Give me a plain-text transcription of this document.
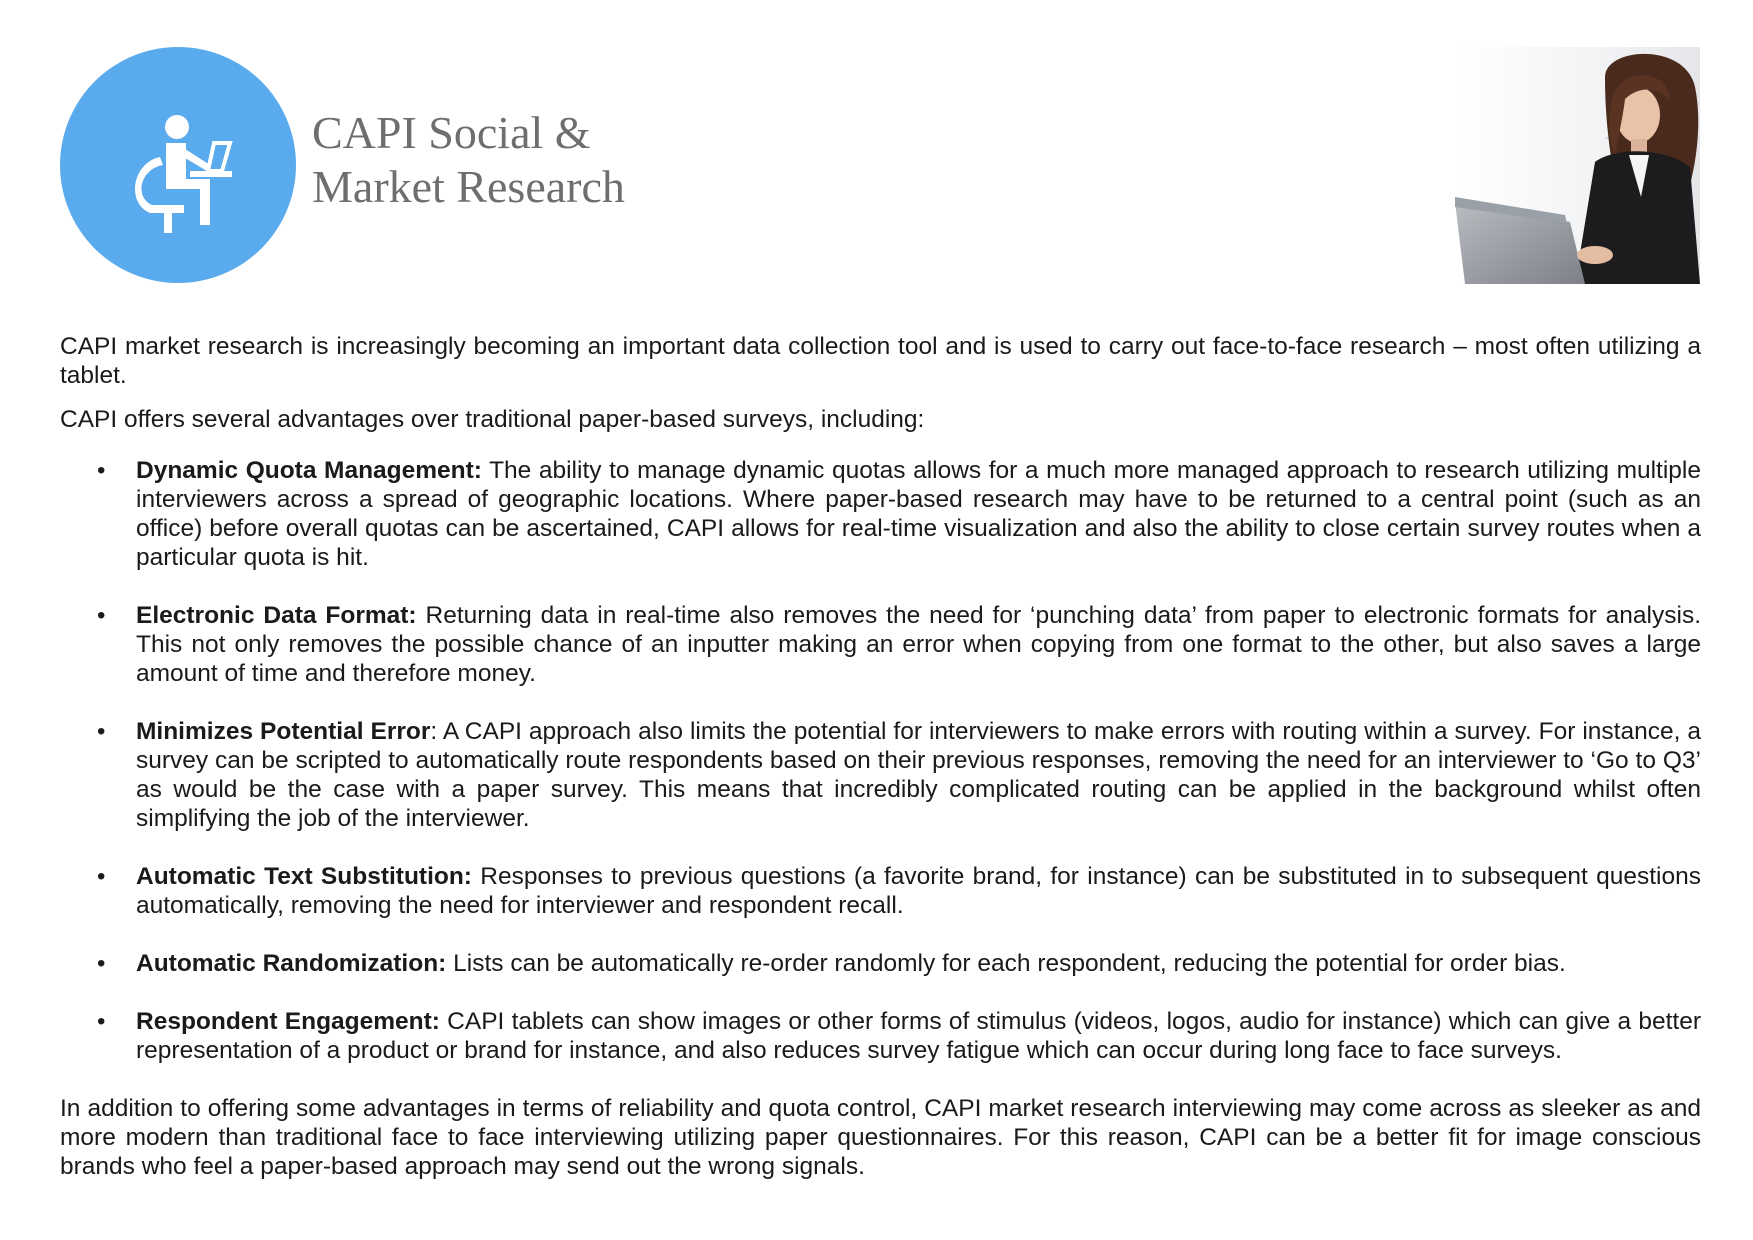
CAPI Social &
Market Research

CAPI market research is increasingly becoming an important data collection tool and is used to carry out face-to-face research – most often utilizing a tablet.

CAPI offers several advantages over traditional paper-based surveys, including:

• Dynamic Quota Management: The ability to manage dynamic quotas allows for a much more managed approach to research utilizing multiple interviewers across a spread of geographic locations. Where paper-based research may have to be returned to a central point (such as an office) before overall quotas can be ascertained, CAPI allows for real-time visualization and also the ability to close certain survey routes when a particular quota is hit.
• Electronic Data Format: Returning data in real-time also removes the need for ‘punching data’ from paper to electronic formats for analysis. This not only removes the possible chance of an inputter making an error when copying from one format to the other, but also saves a large amount of time and therefore money.
• Minimizes Potential Error: A CAPI approach also limits the potential for interviewers to make errors with routing within a survey. For instance, a survey can be scripted to automatically route respondents based on their previous responses, removing the need for an interviewer to ‘Go to Q3’ as would be the case with a paper survey. This means that incredibly complicated routing can be applied in the background whilst often simplifying the job of the interviewer.
• Automatic Text Substitution: Responses to previous questions (a favorite brand, for instance) can be substituted in to subsequent questions automatically, removing the need for interviewer and respondent recall.
• Automatic Randomization: Lists can be automatically re-order randomly for each respondent, reducing the potential for order bias.
• Respondent Engagement: CAPI tablets can show images or other forms of stimulus (videos, logos, audio for instance) which can give a better representation of a product or brand for instance, and also reduces survey fatigue which can occur during long face to face surveys.

In addition to offering some advantages in terms of reliability and quota control, CAPI market research interviewing may come across as sleeker as and more modern than traditional face to face interviewing utilizing paper questionnaires. For this reason, CAPI can be a better fit for image conscious brands who feel a paper-based approach may send out the wrong signals.
